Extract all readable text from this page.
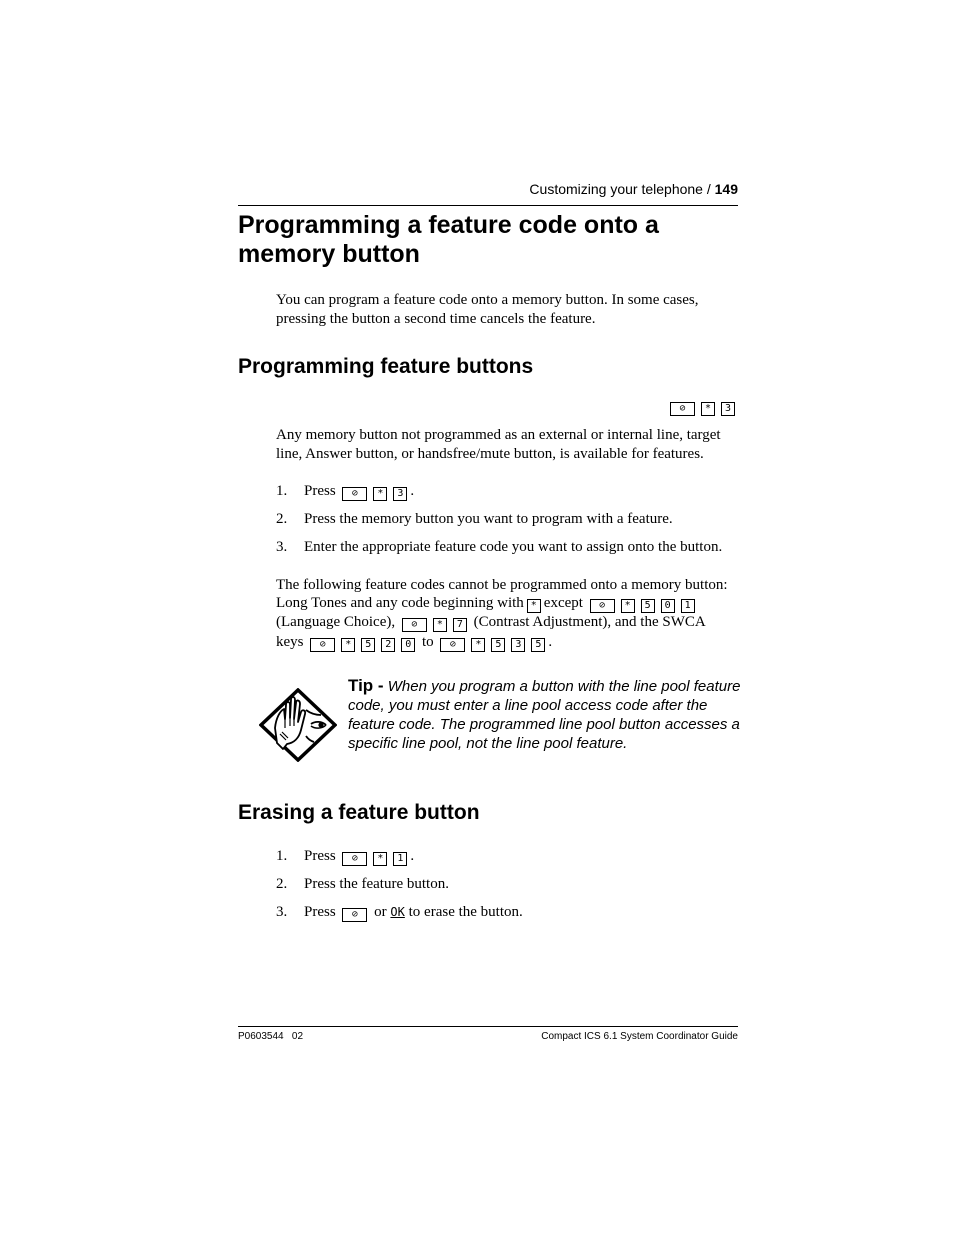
Customizing your telephone / 149
Programming a feature code onto a memory button
You can program a feature code onto a memory button. In some cases, pressing the button a second time cancels the feature.
Programming feature buttons
⊘ * 3
Any memory button not programmed as an external or internal line, target line, Answer button, or handsfree/mute button, is available for features.
1. Press ⊘ * 3 .
2. Press the memory button you want to program with a feature.
3. Enter the appropriate feature code you want to assign onto the button.
The following feature codes cannot be programmed onto a memory button:
Long Tones and any code beginning with * except ⊘ * 5 0 1
(Language Choice), ⊘ * 7 (Contrast Adjustment), and the SWCA
keys ⊘ * 5 2 0 to ⊘ * 5 3 5 .
Tip - When you program a button with the line pool feature code, you must enter a line pool access code after the feature code. The programmed line pool button accesses a specific line pool, not the line pool feature.
Erasing a feature button
1. Press ⊘ * 1 .
2. Press the feature button.
3. Press ⊘ or OK to erase the button.
P0603544   02	Compact ICS 6.1 System Coordinator Guide
